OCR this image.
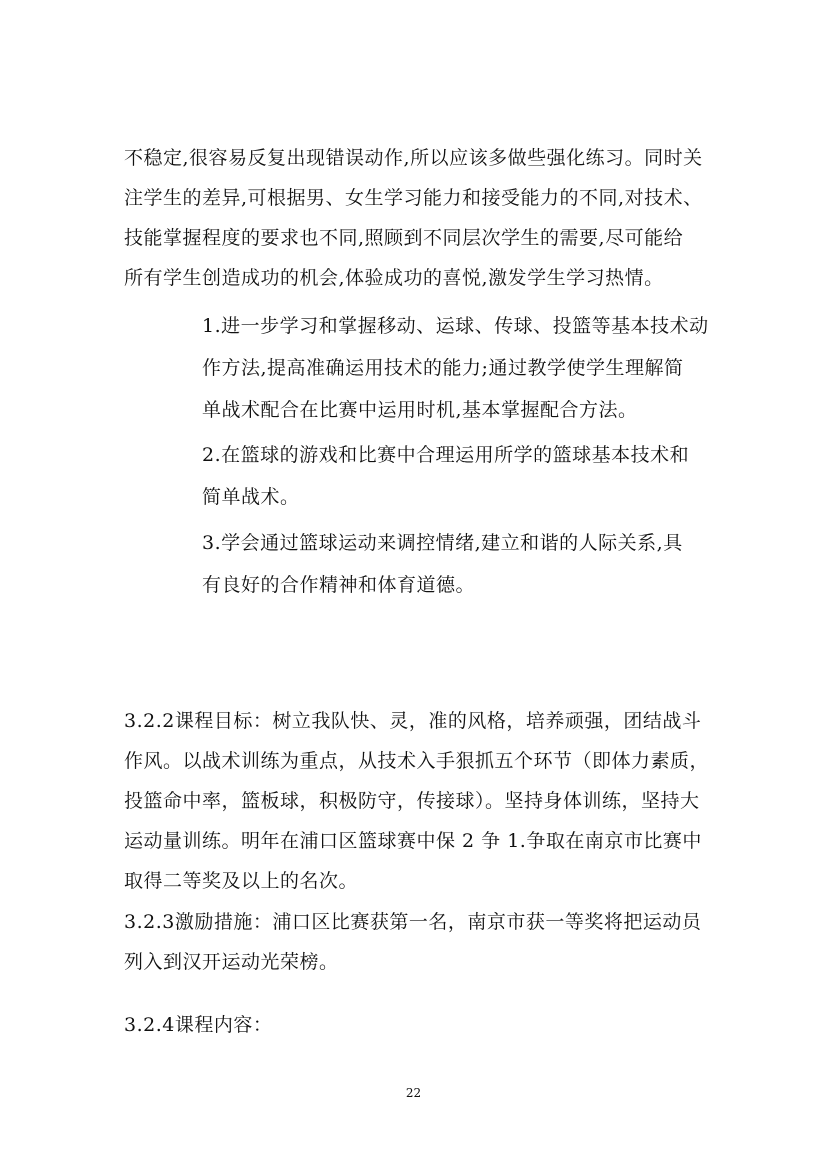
不稳定,很容易反复出现错误动作,所以应该多做些强化练习。同时关
注学生的差异,可根据男、女生学习能力和接受能力的不同,对技术、
技能掌握程度的要求也不同,照顾到不同层次学生的需要,尽可能给
所有学生创造成功的机会,体验成功的喜悦,激发学生学习热情。
1.进一步学习和掌握移动、运球、传球、投篮等基本技术动
作方法,提高准确运用技术的能力;通过教学使学生理解简
单战术配合在比赛中运用时机,基本掌握配合方法。
2.在篮球的游戏和比赛中合理运用所学的篮球基本技术和
简单战术。
3.学会通过篮球运动来调控情绪,建立和谐的人际关系,具
有良好的合作精神和体育道德。
3.2.2课程目标：树立我队快、灵，准的风格，培养顽强，团结战斗
作风。以战术训练为重点，从技术入手狠抓五个环节（即体力素质，
投篮命中率，篮板球，积极防守，传接球）。坚持身体训练，坚持大
运动量训练。明年在浦口区篮球赛中保 2 争 1.争取在南京市比赛中
取得二等奖及以上的名次。
3.2.3激励措施：浦口区比赛获第一名，南京市获一等奖将把运动员
列入到汉开运动光荣榜。
3.2.4课程内容：
22
